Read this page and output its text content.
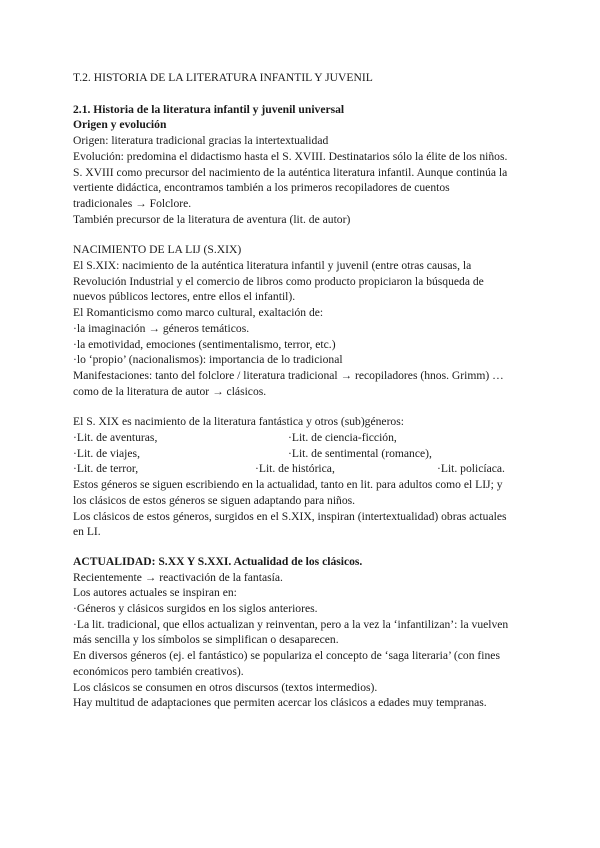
T.2. HISTORIA DE LA LITERATURA INFANTIL Y JUVENIL

2.1. Historia de la literatura infantil y juvenil universal

Origen y evolución

Origen: literatura tradicional gracias la intertextualidad

Evolución: predomina el didactismo hasta el S. XVIII. Destinatarios sólo la élite de los niños.

S. XVIII como precursor del nacimiento de la auténtica literatura infantil. Aunque continúa la

vertiente didáctica, encontramos también a los primeros recopiladores de cuentos

tradicionales → Folclore.

También precursor de la literatura de aventura (lit. de autor)

NACIMIENTO DE LA LIJ (S.XIX)

El S.XIX: nacimiento de la auténtica literatura infantil y juvenil (entre otras causas, la

Revolución Industrial y el comercio de libros como producto propiciaron la búsqueda de

nuevos públicos lectores, entre ellos el infantil).

El Romanticismo como marco cultural, exaltación de:

·la imaginación → géneros temáticos.

·la emotividad, emociones (sentimentalismo, terror, etc.)

·lo ‘propio’ (nacionalismos): importancia de lo tradicional

Manifestaciones: tanto del folclore / literatura tradicional → recopiladores (hnos. Grimm) …

como de la literatura de autor → clásicos.

El S. XIX es nacimiento de la literatura fantástica y otros (sub)géneros:

·Lit. de aventuras,	·Lit. de ciencia-ficción,
·Lit. de viajes,	·Lit. de sentimental (romance),
·Lit. de terror,	·Lit. de histórica,	·Lit. policíaca.

Estos géneros se siguen escribiendo en la actualidad, tanto en lit. para adultos como el LIJ; y

los clásicos de estos géneros se siguen adaptando para niños.

Los clásicos de estos géneros, surgidos en el S.XIX, inspiran (intertextualidad) obras actuales

en LI.

ACTUALIDAD: S.XX Y S.XXI. Actualidad de los clásicos.

Recientemente → reactivación de la fantasía.

Los autores actuales se inspiran en:

·Géneros y clásicos surgidos en los siglos anteriores.

·La lit. tradicional, que ellos actualizan y reinventan, pero a la vez la ‘infantilizan’: la vuelven

más sencilla y los símbolos se simplifican o desaparecen.

En diversos géneros (ej. el fantástico) se populariza el concepto de ‘saga literaria’ (con fines

económicos pero también creativos).

Los clásicos se consumen en otros discursos (textos intermedios).

Hay multitud de adaptaciones que permiten acercar los clásicos a edades muy tempranas.
